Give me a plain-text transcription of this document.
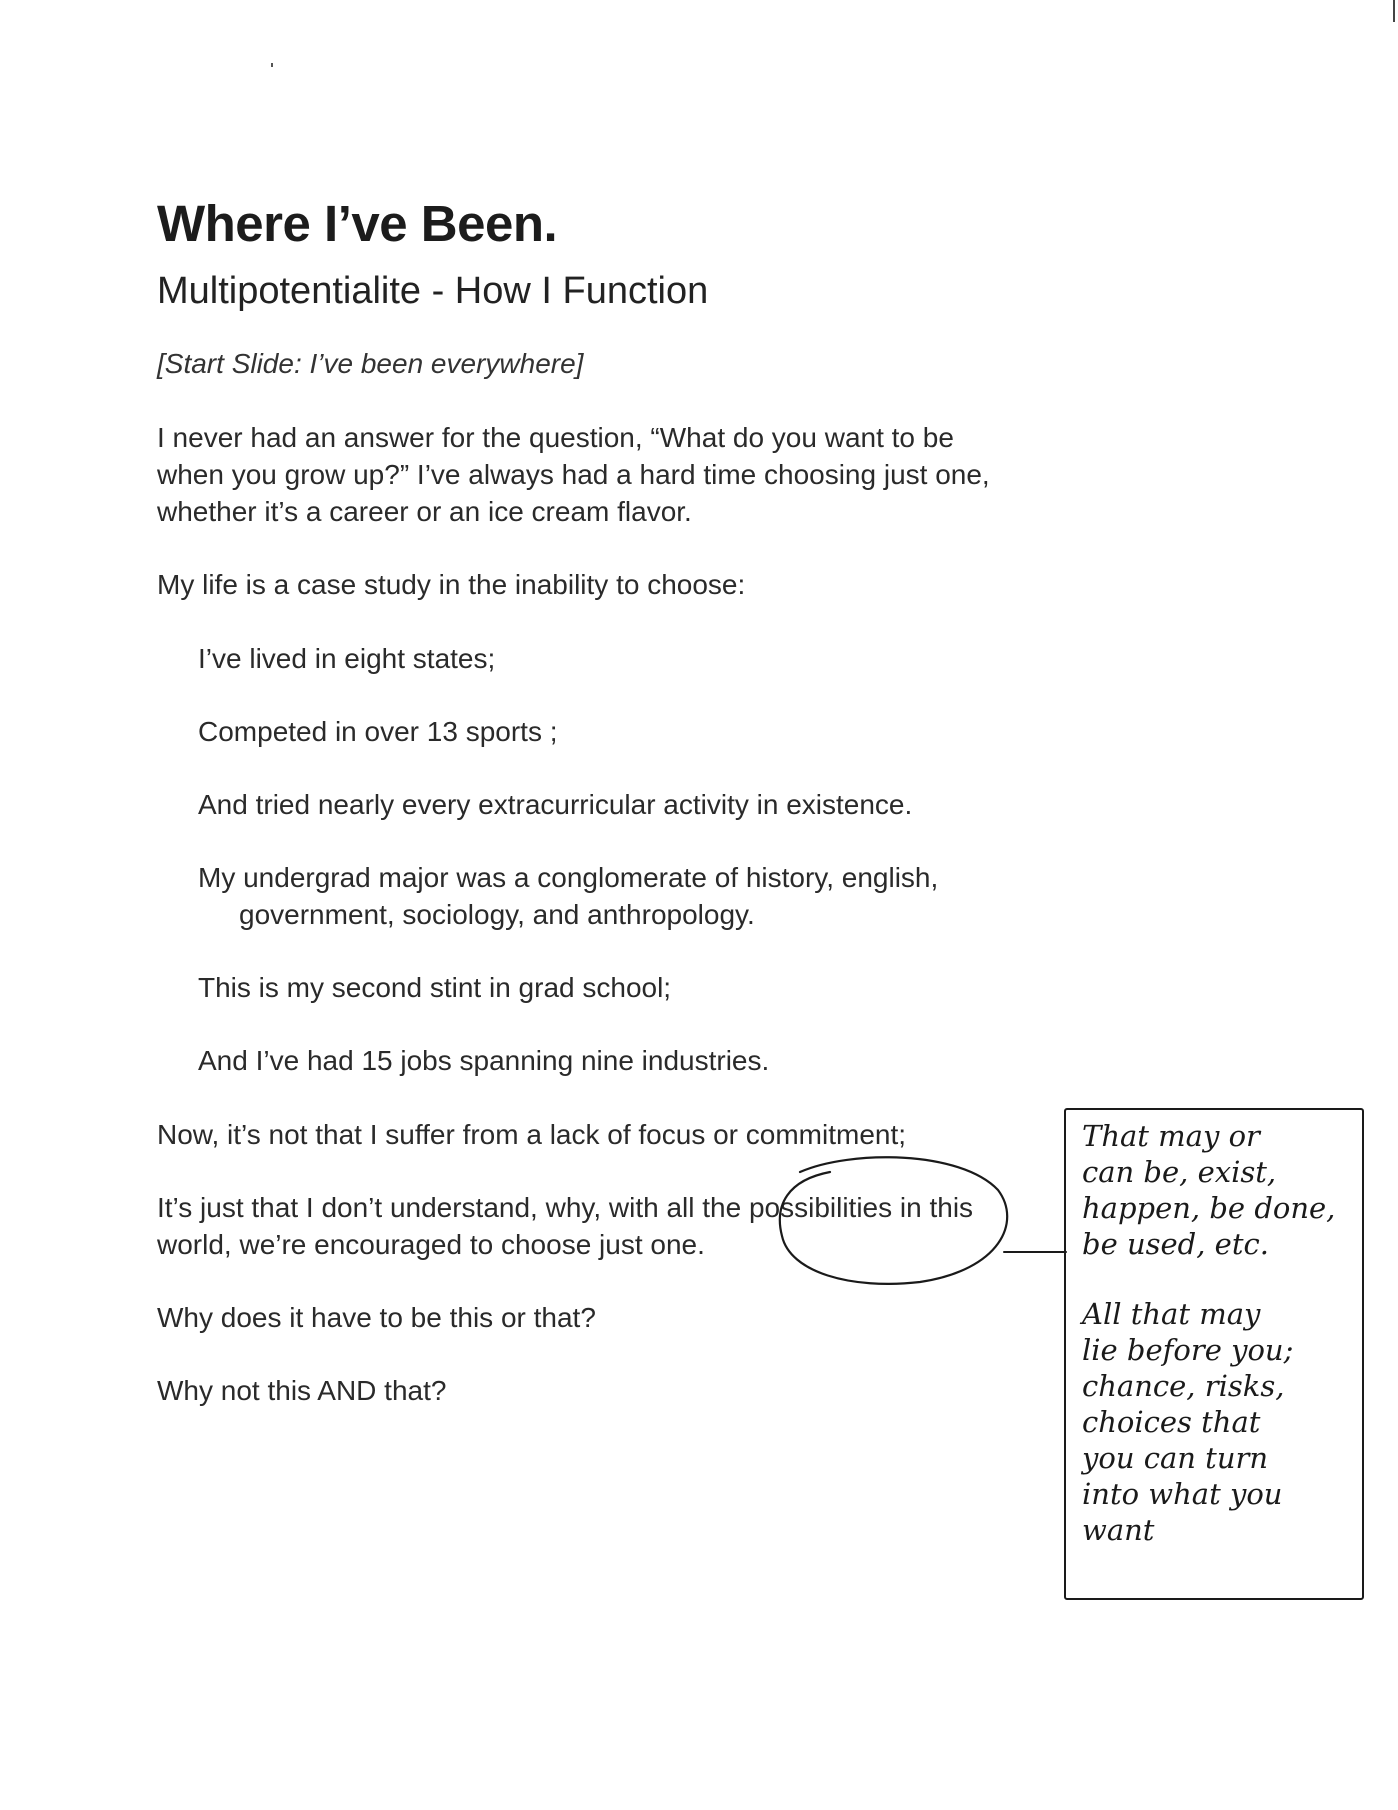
Where I’ve Been.
Multipotentialite - How I Function

[Start Slide: I’ve been everywhere]

I never had an answer for the question, “What do you want to be
when you grow up?” I’ve always had a hard time choosing just one,
whether it’s a career or an ice cream flavor.

My life is a case study in the inability to choose:

I’ve lived in eight states;

Competed in over 13 sports ;

And tried nearly every extracurricular activity in existence.

My undergrad major was a conglomerate of history, english,
government, sociology, and anthropology.

This is my second stint in grad school;

And I’ve had 15 jobs spanning nine industries.

Now, it’s not that I suffer from a lack of focus or commitment;

It’s just that I don’t understand, why, with all the possibilities in this
world, we’re encouraged to choose just one.

Why does it have to be this or that?

Why not this AND that?

That may or
can be, exist,
happen, be done,
be used, etc.

All that may
lie before you;
chance, risks,
choices that
you can turn
into what you
want
